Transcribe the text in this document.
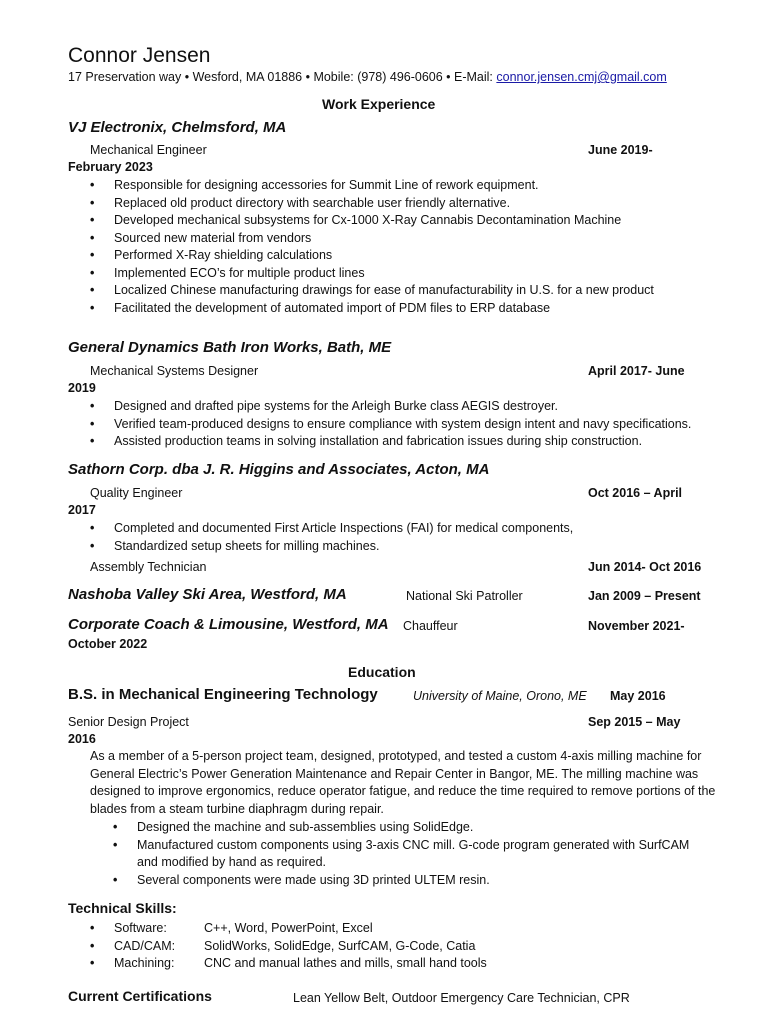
Connor Jensen
17 Preservation way • Wesford, MA 01886 • Mobile: (978) 496-0606 • E-Mail: connor.jensen.cmj@gmail.com
Work Experience
VJ Electronix, Chelmsford, MA
Mechanical Engineer	June 2019-
February 2023
• Responsible for designing accessories for Summit Line of rework equipment.
• Replaced old product directory with searchable user friendly alternative.
• Developed mechanical subsystems for Cx-1000 X-Ray Cannabis Decontamination Machine
• Sourced new material from vendors
• Performed X-Ray shielding calculations
• Implemented ECO’s for multiple product lines
• Localized Chinese manufacturing drawings for ease of manufacturability in U.S. for a new product
• Facilitated the development of automated import of PDM files to ERP database
General Dynamics Bath Iron Works, Bath, ME
Mechanical Systems Designer	April 2017- June
2019
• Designed and drafted pipe systems for the Arleigh Burke class AEGIS destroyer.
• Verified team-produced designs to ensure compliance with system design intent and navy specifications.
• Assisted production teams in solving installation and fabrication issues during ship construction.
Sathorn Corp. dba J. R. Higgins and Associates, Acton, MA
Quality Engineer	Oct 2016 – April
2017
• Completed and documented First Article Inspections (FAI) for medical components,
• Standardized setup sheets for milling machines.
Assembly Technician	Jun 2014- Oct 2016
Nashoba Valley Ski Area, Westford, MA	National Ski Patroller	Jan 2009 – Present
Corporate Coach & Limousine, Westford, MA Chauffeur	November 2021-
October 2022
Education
B.S. in Mechanical Engineering Technology	University of Maine, Orono, ME May 2016
Senior Design Project	Sep 2015 – May
2016
As a member of a 5-person project team, designed, prototyped, and tested a custom 4-axis milling machine for General Electric’s Power Generation Maintenance and Repair Center in Bangor, ME. The milling machine was designed to improve ergonomics, reduce operator fatigue, and reduce the time required to remove portions of the blades from a steam turbine diaphragm during repair.
• Designed the machine and sub-assemblies using SolidEdge.
• Manufactured custom components using 3-axis CNC mill. G-code program generated with SurfCAM
and modified by hand as required.
• Several components were made using 3D printed ULTEM resin.
Technical Skills:
• Software:	C++, Word, PowerPoint, Excel
• CAD/CAM: SolidWorks, SolidEdge, SurfCAM, G-Code, Catia
• Machining: CNC and manual lathes and mills, small hand tools
Current Certifications	Lean Yellow Belt, Outdoor Emergency Care Technician, CPR
